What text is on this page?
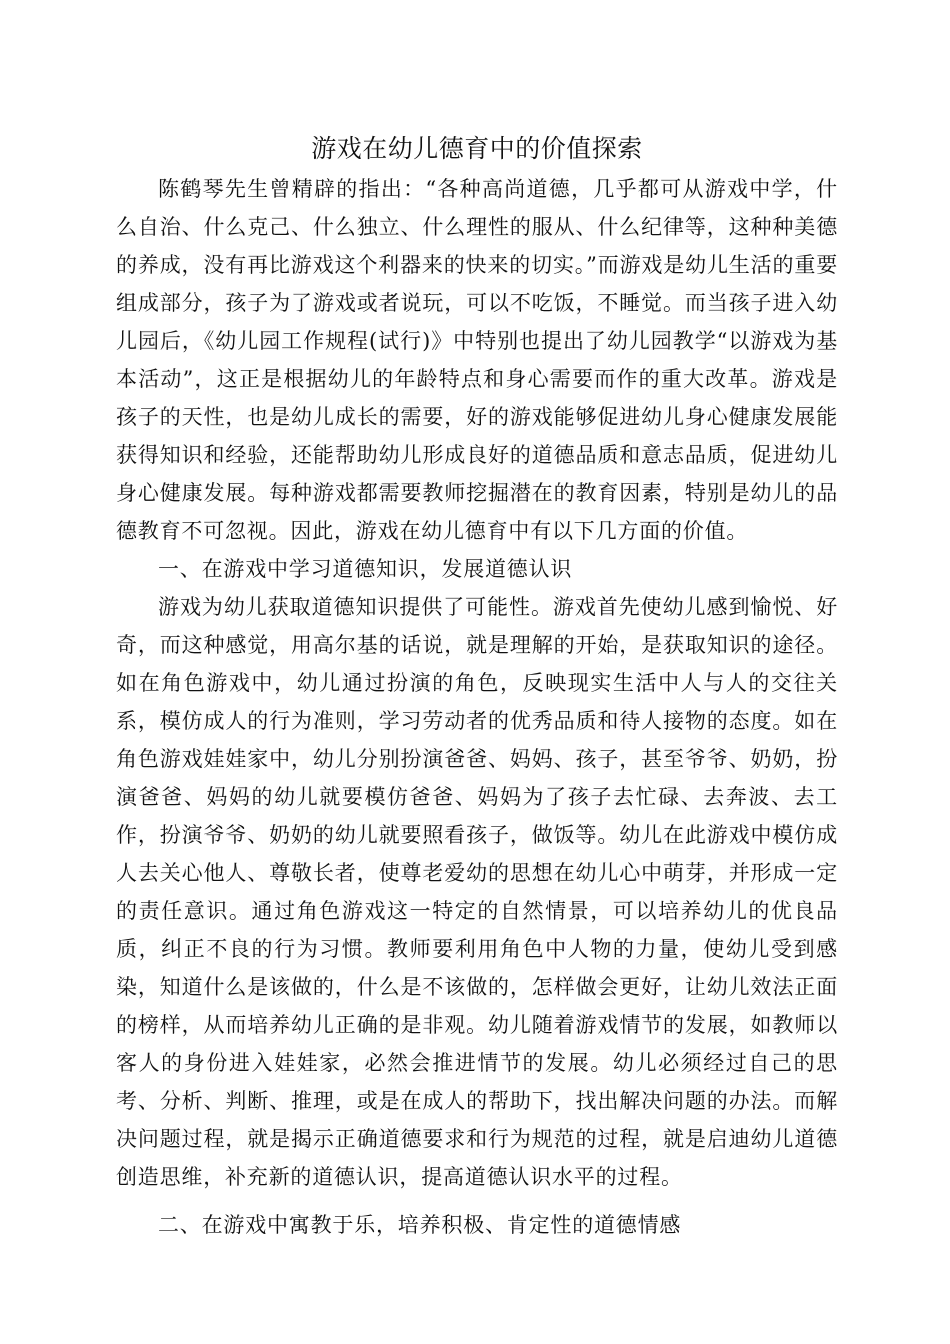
游戏在幼儿德育中的价值探索

陈鹤琴先生曾精辟的指出：“各种高尚道德，几乎都可从游戏中学，什么自治、什么克己、什么独立、什么理性的服从、什么纪律等，这种种美德的养成，没有再比游戏这个利器来的快来的切实。”而游戏是幼儿生活的重要组成部分，孩子为了游戏或者说玩，可以不吃饭，不睡觉。而当孩子进入幼儿园后，《幼儿园工作规程(试行)》中特别也提出了幼儿园教学“以游戏为基本活动”，这正是根据幼儿的年龄特点和身心需要而作的重大改革。游戏是孩子的天性，也是幼儿成长的需要，好的游戏能够促进幼儿身心健康发展能获得知识和经验，还能帮助幼儿形成良好的道德品质和意志品质，促进幼儿身心健康发展。每种游戏都需要教师挖掘潜在的教育因素，特别是幼儿的品德教育不可忽视。因此，游戏在幼儿德育中有以下几方面的价值。

一、在游戏中学习道德知识，发展道德认识

游戏为幼儿获取道德知识提供了可能性。游戏首先使幼儿感到愉悦、好奇，而这种感觉，用高尔基的话说，就是理解的开始，是获取知识的途径。如在角色游戏中，幼儿通过扮演的角色，反映现实生活中人与人的交往关系，模仿成人的行为准则，学习劳动者的优秀品质和待人接物的态度。如在角色游戏娃娃家中，幼儿分别扮演爸爸、妈妈、孩子，甚至爷爷、奶奶，扮演爸爸、妈妈的幼儿就要模仿爸爸、妈妈为了孩子去忙碌、去奔波、去工作，扮演爷爷、奶奶的幼儿就要照看孩子，做饭等。幼儿在此游戏中模仿成人去关心他人、尊敬长者，使尊老爱幼的思想在幼儿心中萌芽，并形成一定的责任意识。通过角色游戏这一特定的自然情景，可以培养幼儿的优良品质，纠正不良的行为习惯。教师要利用角色中人物的力量，使幼儿受到感染，知道什么是该做的，什么是不该做的，怎样做会更好，让幼儿效法正面的榜样，从而培养幼儿正确的是非观。幼儿随着游戏情节的发展，如教师以客人的身份进入娃娃家，必然会推进情节的发展。幼儿必须经过自己的思考、分析、判断、推理，或是在成人的帮助下，找出解决问题的办法。而解决问题过程，就是揭示正确道德要求和行为规范的过程，就是启迪幼儿道德创造思维，补充新的道德认识，提高道德认识水平的过程。

二、在游戏中寓教于乐，培养积极、肯定性的道德情感
